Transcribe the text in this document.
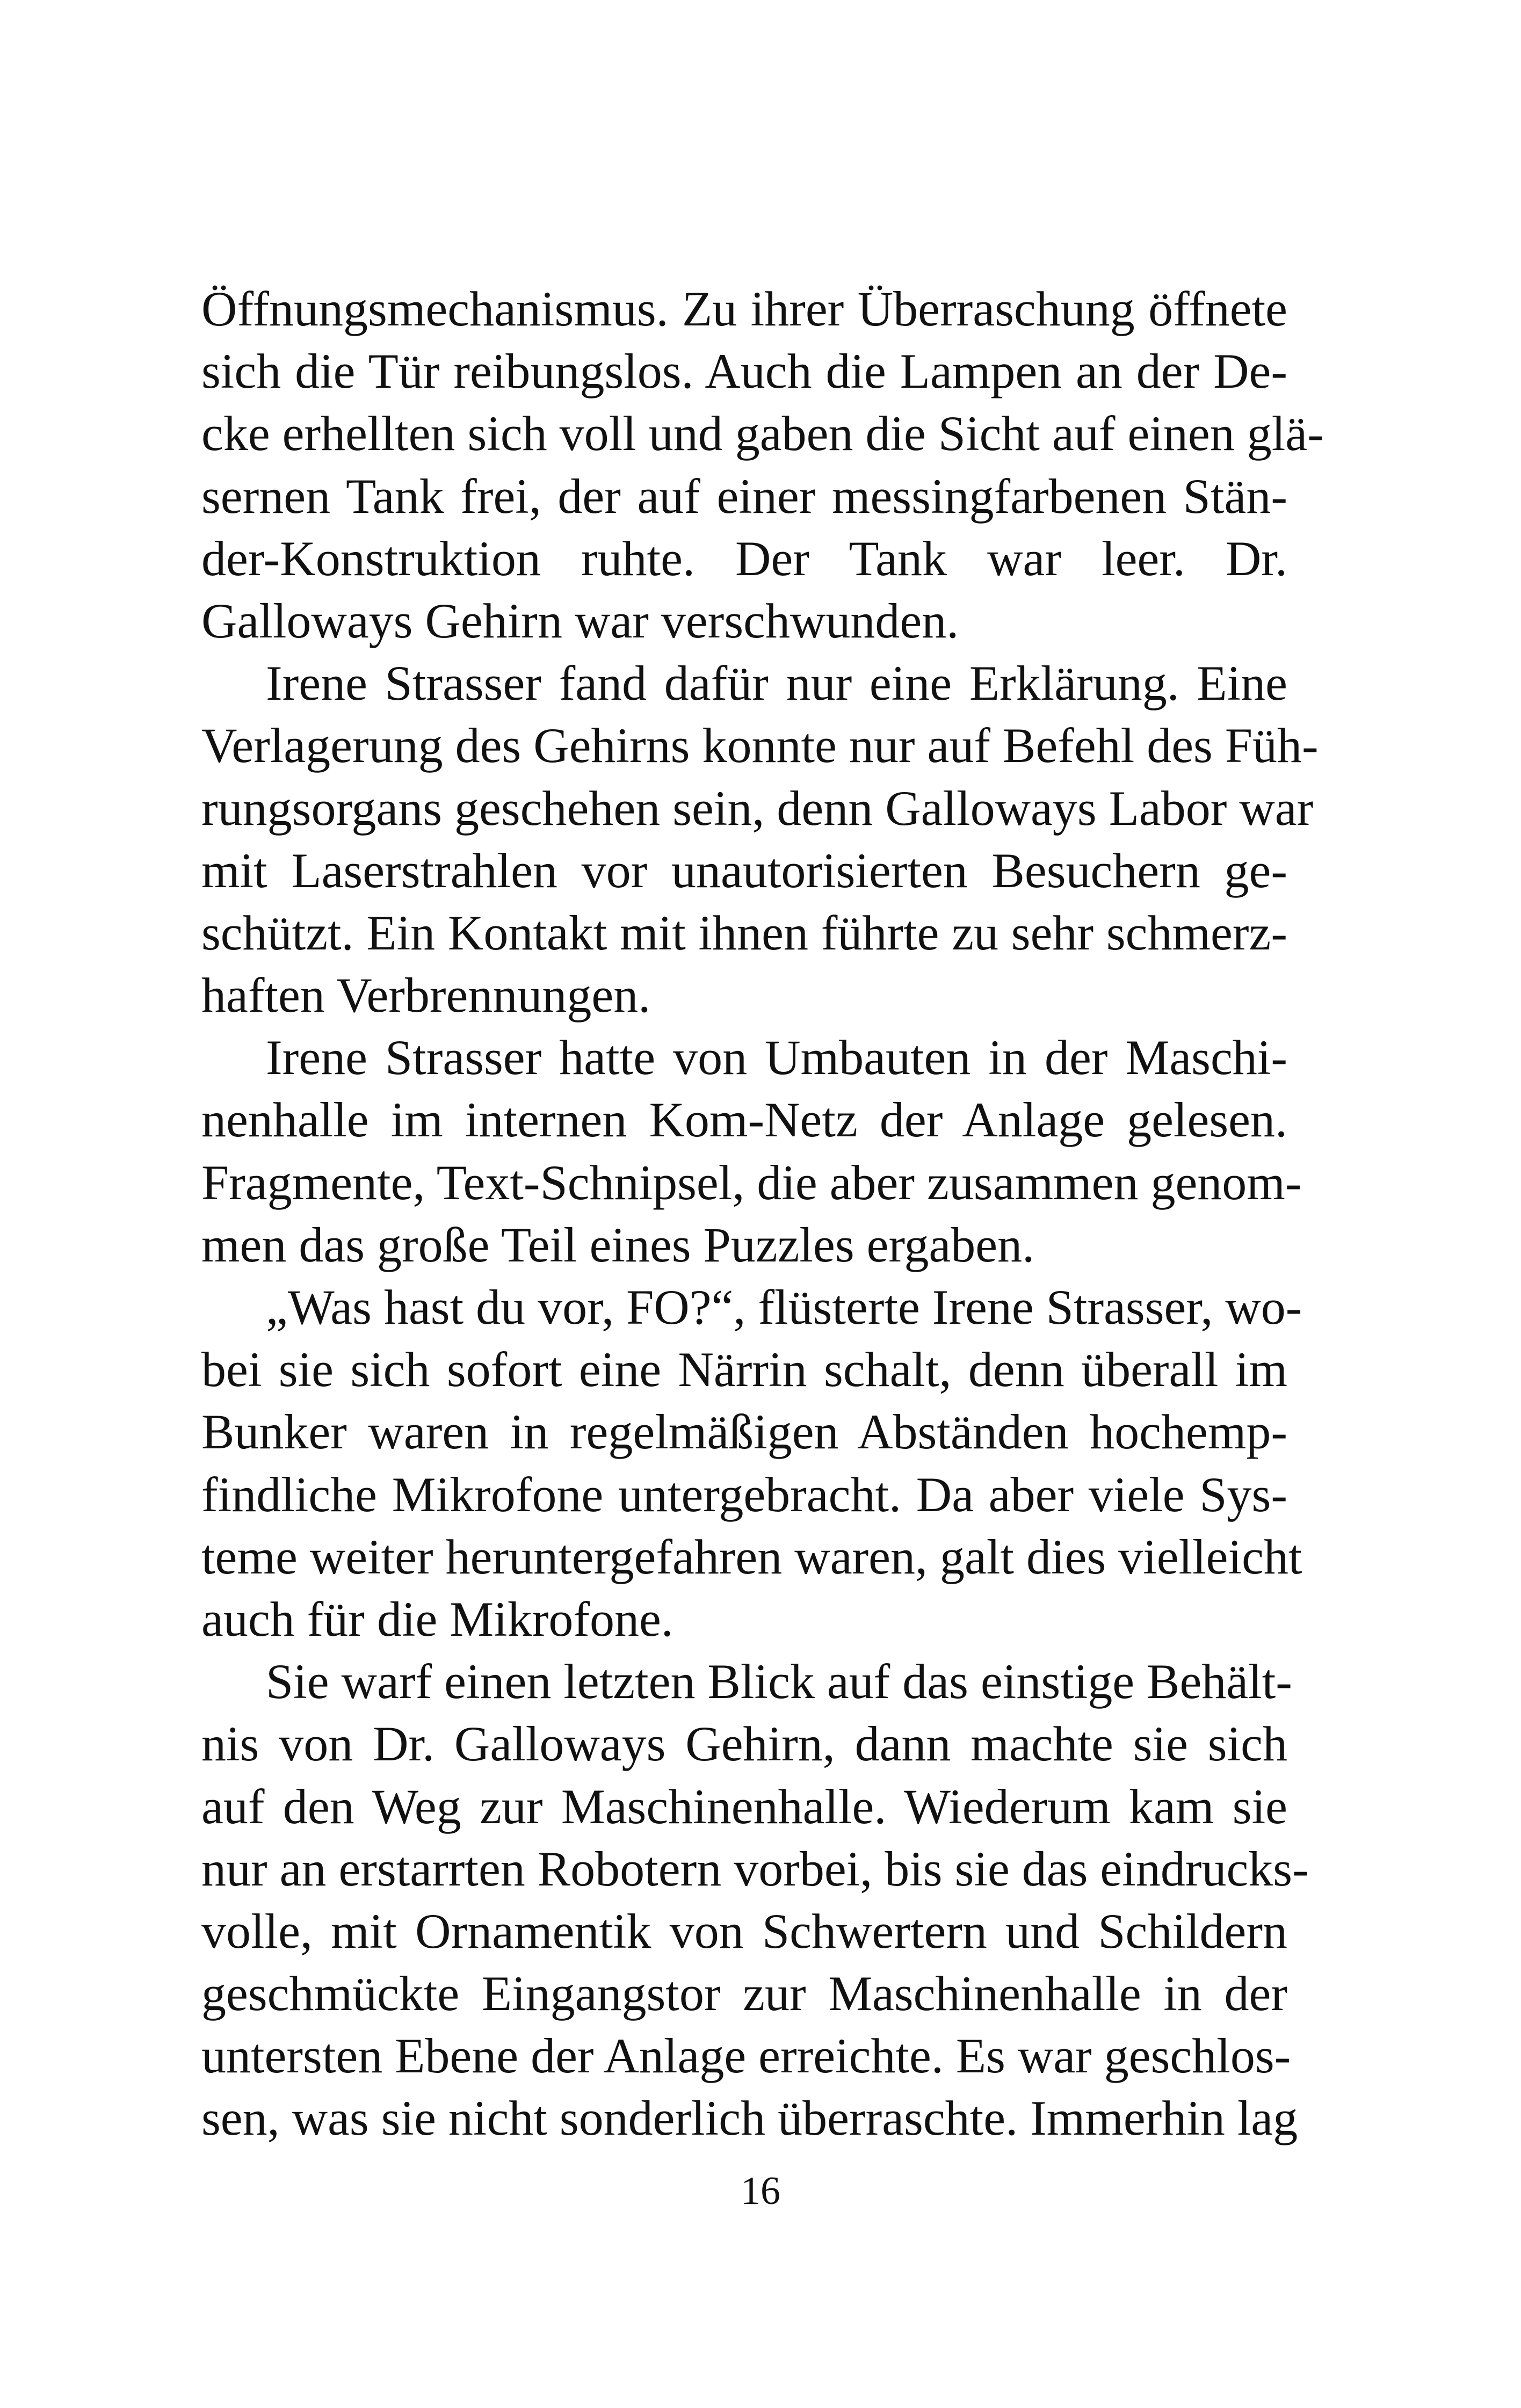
Öffnungsmechanismus. Zu ihrer Überraschung öffnete
sich die Tür reibungslos. Auch die Lampen an der De-
cke erhellten sich voll und gaben die Sicht auf einen glä-
sernen Tank frei, der auf einer messingfarbenen Stän-
der-Konstruktion ruhte. Der Tank war leer. Dr.
Galloways Gehirn war verschwunden.
Irene Strasser fand dafür nur eine Erklärung. Eine
Verlagerung des Gehirns konnte nur auf Befehl des Füh-
rungsorgans geschehen sein, denn Galloways Labor war
mit Laserstrahlen vor unautorisierten Besuchern ge-
schützt. Ein Kontakt mit ihnen führte zu sehr schmerz-
haften Verbrennungen.
Irene Strasser hatte von Umbauten in der Maschi-
nenhalle im internen Kom-Netz der Anlage gelesen.
Fragmente, Text-Schnipsel, die aber zusammen genom-
men das große Teil eines Puzzles ergaben.
„Was hast du vor, FO?“, flüsterte Irene Strasser, wo-
bei sie sich sofort eine Närrin schalt, denn überall im
Bunker waren in regelmäßigen Abständen hochemp-
findliche Mikrofone untergebracht. Da aber viele Sys-
teme weiter heruntergefahren waren, galt dies vielleicht
auch für die Mikrofone.
Sie warf einen letzten Blick auf das einstige Behält-
nis von Dr. Galloways Gehirn, dann machte sie sich
auf den Weg zur Maschinenhalle. Wiederum kam sie
nur an erstarrten Robotern vorbei, bis sie das eindrucks-
volle, mit Ornamentik von Schwertern und Schildern
geschmückte Eingangstor zur Maschinenhalle in der
untersten Ebene der Anlage erreichte. Es war geschlos-
sen, was sie nicht sonderlich überraschte. Immerhin lag
16
